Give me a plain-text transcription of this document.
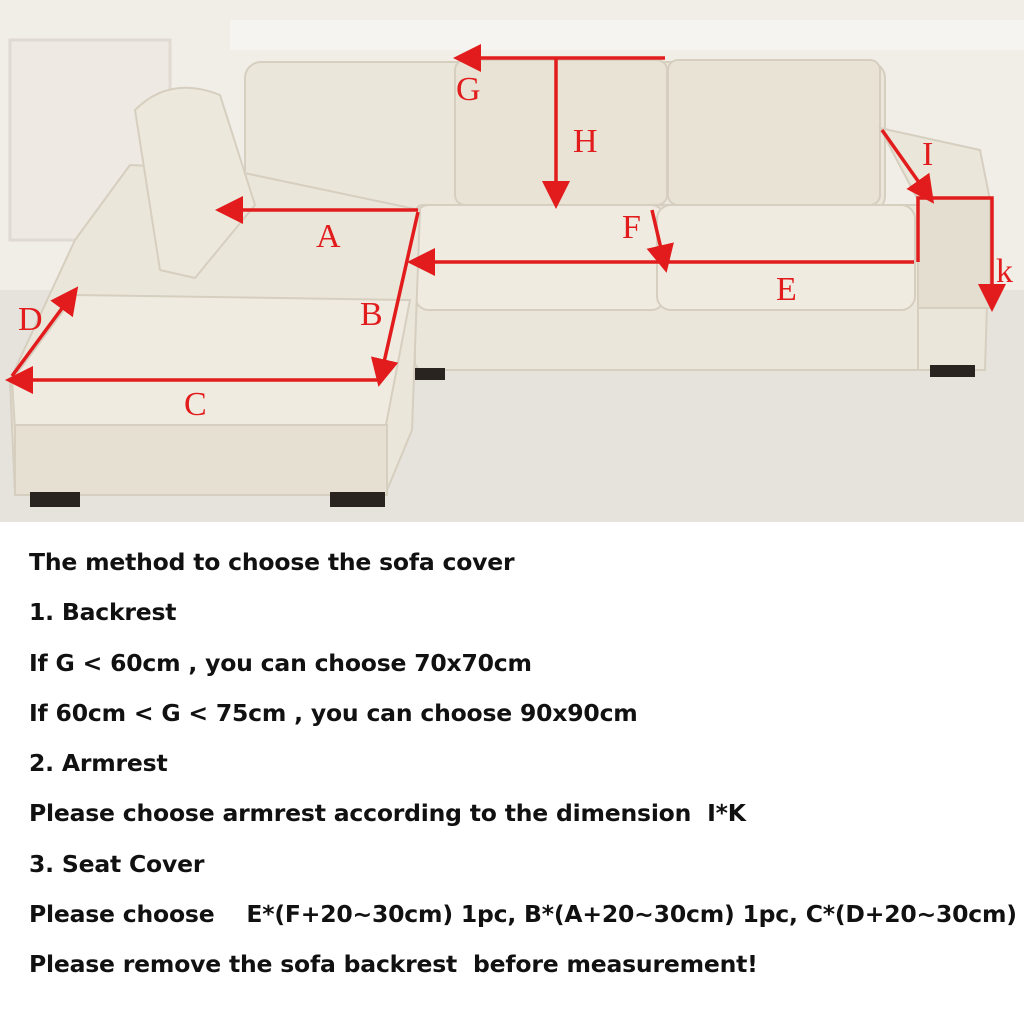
G
H
A
B
C
D
F
E
I
k
The method to choose the sofa cover
1. Backrest
If G < 60cm , you can choose 70x70cm
If 60cm < G < 75cm , you can choose 90x90cm
2. Armrest
Please choose armrest according to the dimension  I*K
3. Seat Cover
Please choose    E*(F+20~30cm) 1pc, B*(A+20~30cm) 1pc, C*(D+20~30cm)
Please remove the sofa backrest  before measurement!
